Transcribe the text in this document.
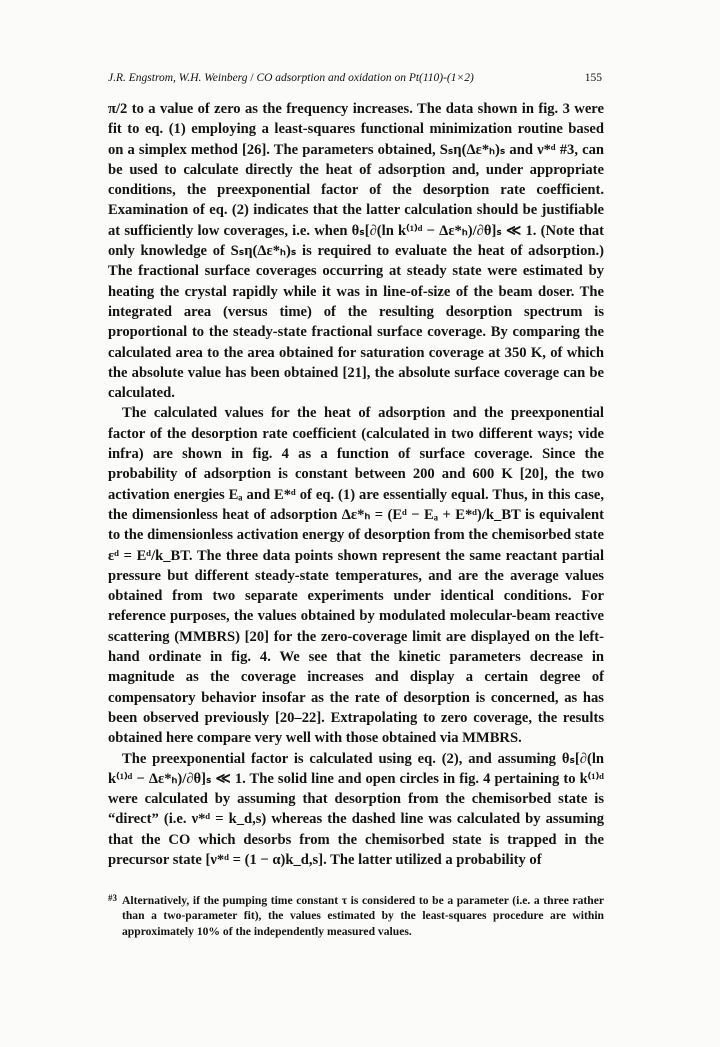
J.R. Engstrom, W.H. Weinberg / CO adsorption and oxidation on Pt(110)-(1×2)	155

π/2 to a value of zero as the frequency increases. The data shown in fig. 3 were fit to eq. (1) employing a least-squares functional minimization routine based on a simplex method [26]. The parameters obtained, Sₛη(Δε*ₕ)ₛ and ν*ᵈ #3, can be used to calculate directly the heat of adsorption and, under appropriate conditions, the preexponential factor of the desorption rate coefficient. Examination of eq. (2) indicates that the latter calculation should be justifiable at sufficiently low coverages, i.e. when θₛ[∂(ln k⁽¹⁾ᵈ − Δε*ₕ)/∂θ]ₛ ≪ 1. (Note that only knowledge of Sₛη(Δε*ₕ)ₛ is required to evaluate the heat of adsorption.) The fractional surface coverages occurring at steady state were estimated by heating the crystal rapidly while it was in line-of-size of the beam doser. The integrated area (versus time) of the resulting desorption spectrum is proportional to the steady-state fractional surface coverage. By comparing the calculated area to the area obtained for saturation coverage at 350 K, of which the absolute value has been obtained [21], the absolute surface coverage can be calculated.

The calculated values for the heat of adsorption and the preexponential factor of the desorption rate coefficient (calculated in two different ways; vide infra) are shown in fig. 4 as a function of surface coverage. Since the probability of adsorption is constant between 200 and 600 K [20], the two activation energies Eₐ and E*ᵈ of eq. (1) are essentially equal. Thus, in this case, the dimensionless heat of adsorption Δε*ₕ = (Eᵈ − Eₐ + E*ᵈ)/k_BT is equivalent to the dimensionless activation energy of desorption from the chemisorbed state εᵈ = Eᵈ/k_BT. The three data points shown represent the same reactant partial pressure but different steady-state temperatures, and are the average values obtained from two separate experiments under identical conditions. For reference purposes, the values obtained by modulated molecular-beam reactive scattering (MMBRS) [20] for the zero-coverage limit are displayed on the left-hand ordinate in fig. 4. We see that the kinetic parameters decrease in magnitude as the coverage increases and display a certain degree of compensatory behavior insofar as the rate of desorption is concerned, as has been observed previously [20–22]. Extrapolating to zero coverage, the results obtained here compare very well with those obtained via MMBRS.

The preexponential factor is calculated using eq. (2), and assuming θₛ[∂(ln k⁽¹⁾ᵈ − Δε*ₕ)/∂θ]ₛ ≪ 1. The solid line and open circles in fig. 4 pertaining to k⁽¹⁾ᵈ were calculated by assuming that desorption from the chemisorbed state is “direct” (i.e. ν*ᵈ = k_d,s) whereas the dashed line was calculated by assuming that the CO which desorbs from the chemisorbed state is trapped in the precursor state [ν*ᵈ = (1 − α)k_d,s]. The latter utilized a probability of

#3 Alternatively, if the pumping time constant τ is considered to be a parameter (i.e. a three rather than a two-parameter fit), the values estimated by the least-squares procedure are within approximately 10% of the independently measured values.
